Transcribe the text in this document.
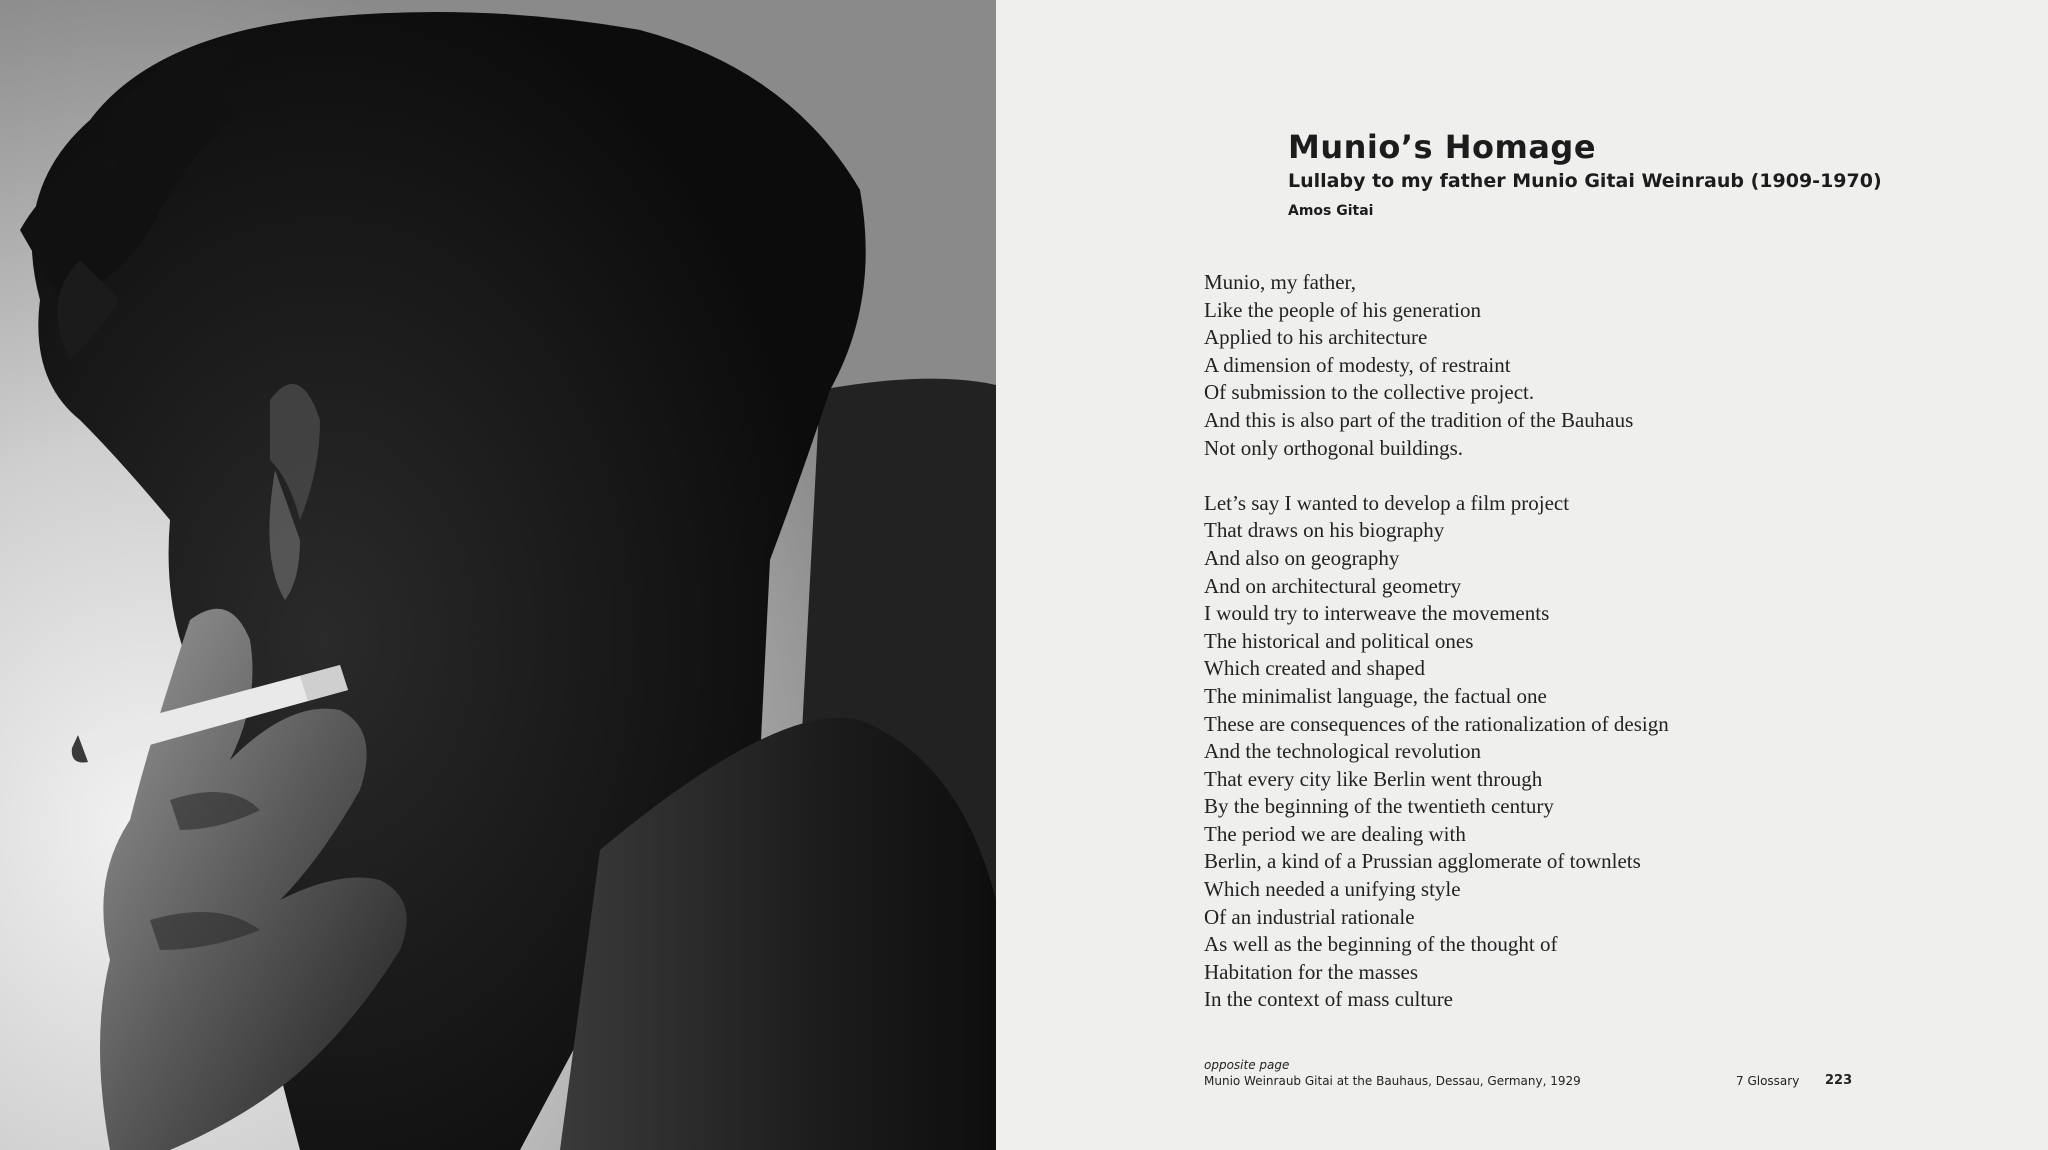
Munio’s Homage
Lullaby to my father Munio Gitai Weinraub (1909-1970)
Amos Gitai
Munio, my father,
Like the people of his generation
Applied to his architecture
A dimension of modesty, of restraint
Of submission to the collective project.
And this is also part of the tradition of the Bauhaus
Not only orthogonal buildings.
Let’s say I wanted to develop a film project
That draws on his biography
And also on geography
And on architectural geometry
I would try to interweave the movements
The historical and political ones
Which created and shaped
The minimalist language, the factual one
These are consequences of the rationalization of design
And the technological revolution
That every city like Berlin went through
By the beginning of the twentieth century
The period we are dealing with
Berlin, a kind of a Prussian agglomerate of townlets
Which needed a unifying style
Of an industrial rationale
As well as the beginning of the thought of
Habitation for the masses
In the context of mass culture
opposite page
Munio Weinraub Gitai at the Bauhaus, Dessau, Germany, 1929	7 Glossary 223
